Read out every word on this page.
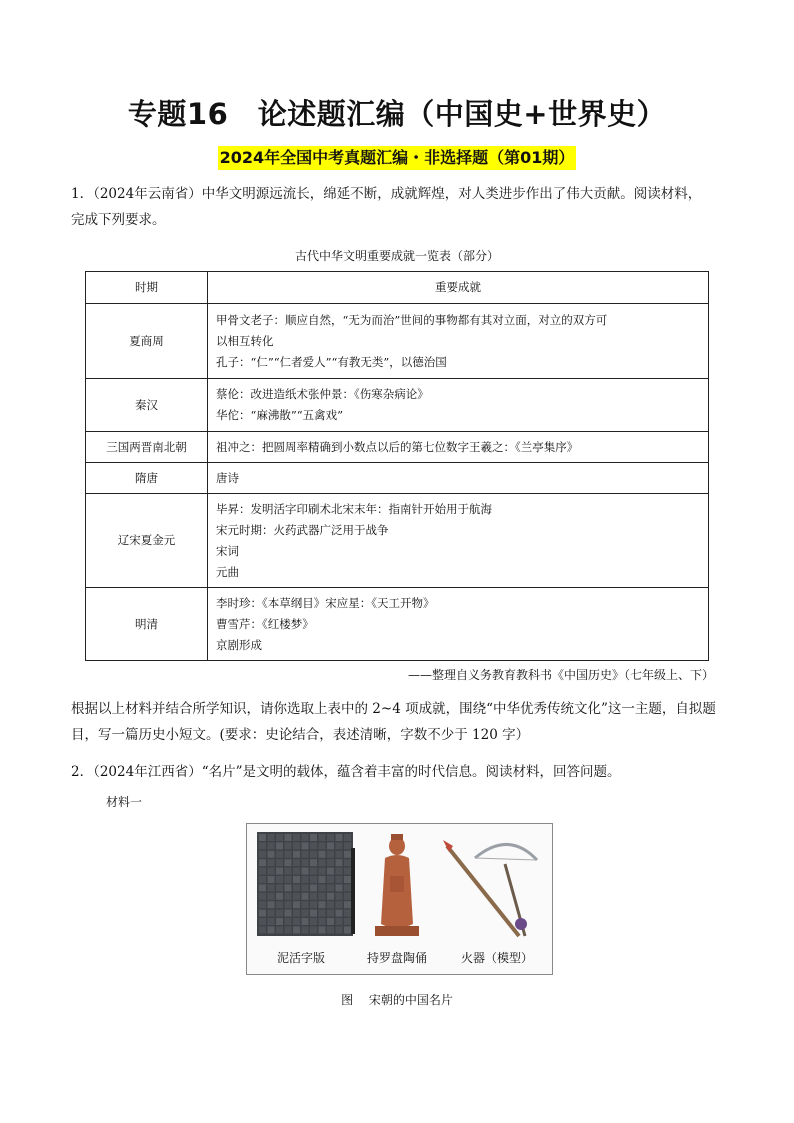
专题16　论述题汇编（中国史+世界史）
2024年全国中考真题汇编・非选择题（第01期）
1．（2024年云南省）中华文明源远流长，绵延不断，成就辉煌，对人类进步作出了伟大贡献。阅读材料，
完成下列要求。
古代中华文明重要成就一览表（部分）
时期	重要成就
夏商周	甲骨文老子：顺应自然，“无为而治”世间的事物都有其对立面，对立的双方可
以相互转化
孔子：“仁”“仁者爱人”“有教无类”，以德治国

秦汉	蔡伦：改进造纸术张仲景：《伤寒杂病论》
华佗：“麻沸散”“五禽戏”

三国两晋南北朝	祖冲之：把圆周率精确到小数点以后的第七位数字王羲之：《兰亭集序》

隋唐	唐诗

辽宋夏金元	毕昇：发明活字印刷术北宋末年：指南针开始用于航海
宋元时期：火药武器广泛用于战争
宋词
元曲

明清	李时珍：《本草纲目》宋应星：《天工开物》
曹雪芹：《红楼梦》
京剧形成
——整理自义务教育教科书《中国历史》（七年级上、下）
根据以上材料并结合所学知识，请你选取上表中的 2~4 项成就，围绕“中华优秀传统文化”这一主题，自拟题
目，写一篇历史小短文。(要求：史论结合，表述清晰，字数不少于 120 字）
2．（2024年江西省）“名片”是文明的载体，蕴含着丰富的时代信息。阅读材料，回答问题。
材料一
泥活字版	持罗盘陶俑	火器（模型）
图　 宋朝的中国名片
